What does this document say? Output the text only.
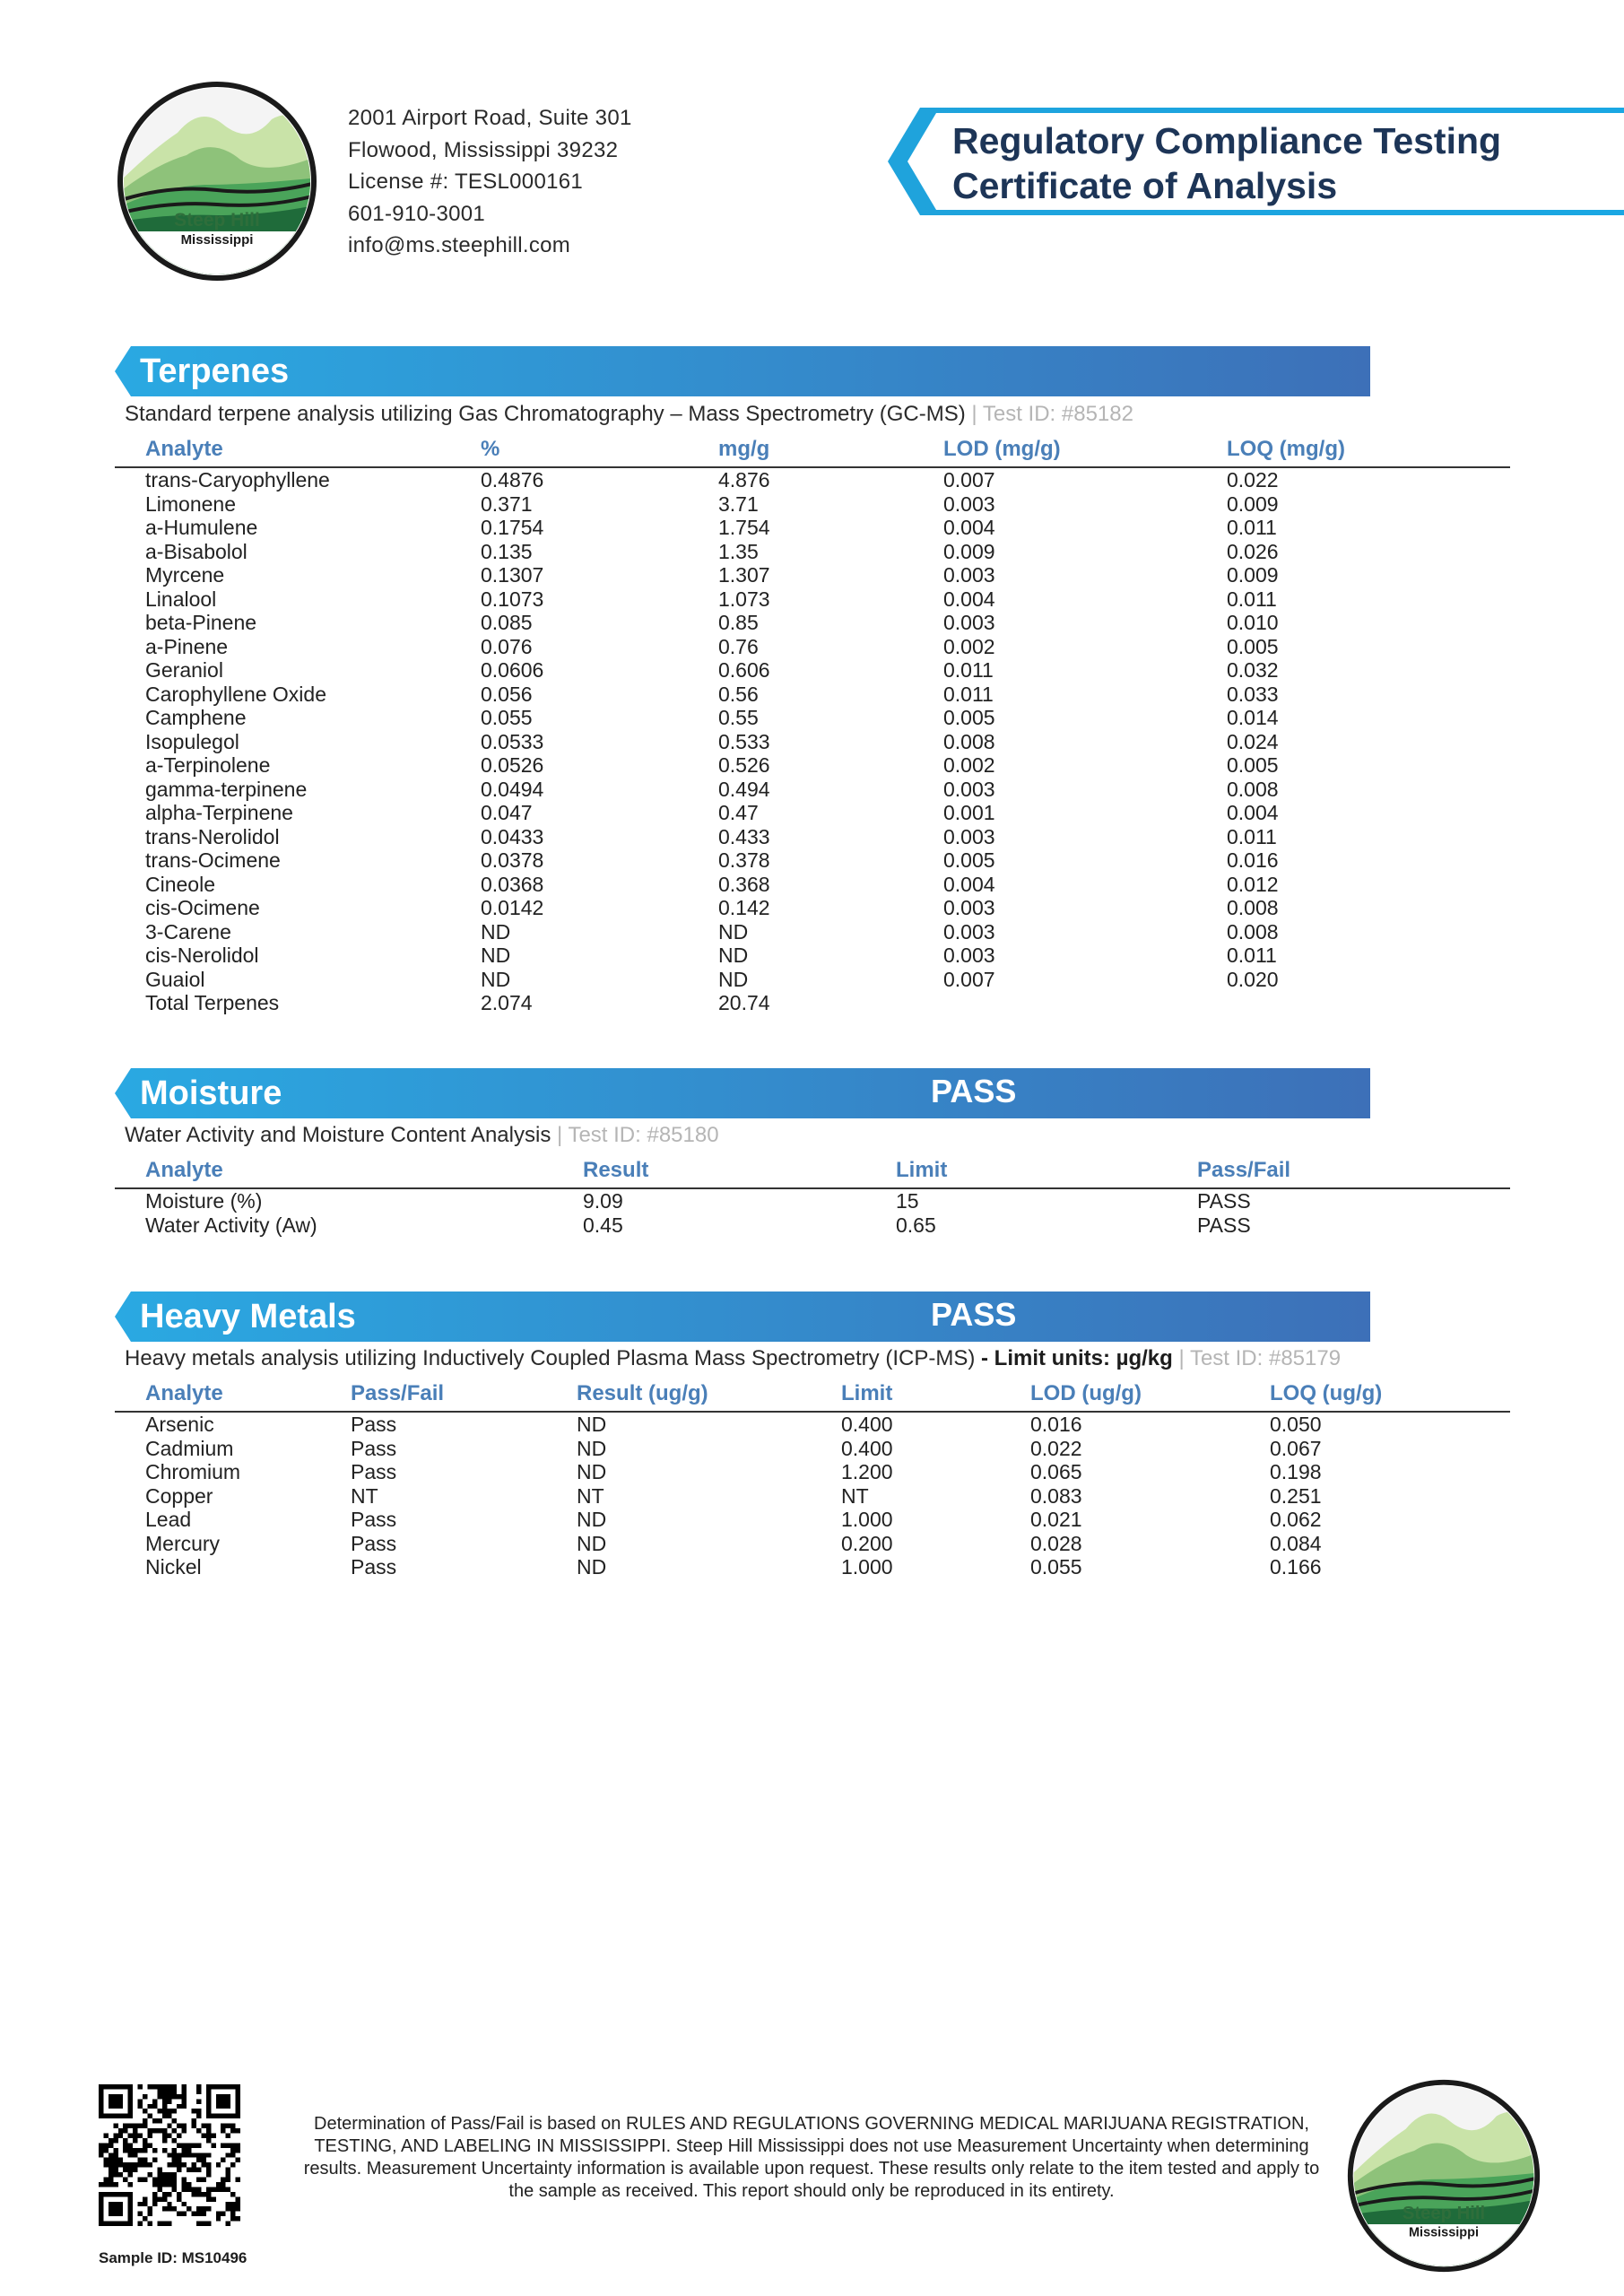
Steep Hill
Mississippi
2001 Airport Road, Suite 301
Flowood, Mississippi 39232
License #: TESL000161
601-910-3001
info@ms.steephill.com
Regulatory Compliance Testing
Certificate of Analysis
Terpenes
Standard terpene analysis utilizing Gas Chromatography – Mass Spectrometry (GC-MS) | Test ID: #85182
Analyte	%	mg/g	LOD (mg/g)	LOQ (mg/g)
trans-Caryophyllene	0.4876	4.876	0.007	0.022
Limonene	0.371	3.71	0.003	0.009
a-Humulene	0.1754	1.754	0.004	0.011
a-Bisabolol	0.135	1.35	0.009	0.026
Myrcene	0.1307	1.307	0.003	0.009
Linalool	0.1073	1.073	0.004	0.011
beta-Pinene	0.085	0.85	0.003	0.010
a-Pinene	0.076	0.76	0.002	0.005
Geraniol	0.0606	0.606	0.011	0.032
Carophyllene Oxide	0.056	0.56	0.011	0.033
Camphene	0.055	0.55	0.005	0.014
Isopulegol	0.0533	0.533	0.008	0.024
a-Terpinolene	0.0526	0.526	0.002	0.005
gamma-terpinene	0.0494	0.494	0.003	0.008
alpha-Terpinene	0.047	0.47	0.001	0.004
trans-Nerolidol	0.0433	0.433	0.003	0.011
trans-Ocimene	0.0378	0.378	0.005	0.016
Cineole	0.0368	0.368	0.004	0.012
cis-Ocimene	0.0142	0.142	0.003	0.008
3-Carene	ND	ND	0.003	0.008
cis-Nerolidol	ND	ND	0.003	0.011
Guaiol	ND	ND	0.007	0.020
Total Terpenes	2.074	20.74		
Moisture	PASS
Water Activity and Moisture Content Analysis | Test ID: #85180
Analyte	Result	Limit	Pass/Fail
Moisture (%)	9.09	15	PASS
Water Activity (Aw)	0.45	0.65	PASS
Heavy Metals	PASS
Heavy metals analysis utilizing Inductively Coupled Plasma Mass Spectrometry (ICP-MS) - Limit units: µg/kg | Test ID: #85179
Analyte	Pass/Fail	Result (ug/g)	Limit	LOD (ug/g)	LOQ (ug/g)
Arsenic	Pass	ND	0.400	0.016	0.050
Cadmium	Pass	ND	0.400	0.022	0.067
Chromium	Pass	ND	1.200	0.065	0.198
Copper	NT	NT	NT	0.083	0.251
Lead	Pass	ND	1.000	0.021	0.062
Mercury	Pass	ND	0.200	0.028	0.084
Nickel	Pass	ND	1.000	0.055	0.166
Sample ID: MS10496
Determination of Pass/Fail is based on RULES AND REGULATIONS GOVERNING MEDICAL MARIJUANA REGISTRATION, TESTING, AND LABELING IN MISSISSIPPI. Steep Hill Mississippi does not use Measurement Uncertainty when determining results. Measurement Uncertainty information is available upon request. These results only relate to the item tested and apply to the sample as received. This report should only be reproduced in its entirety.
Steep Hill
Mississippi
